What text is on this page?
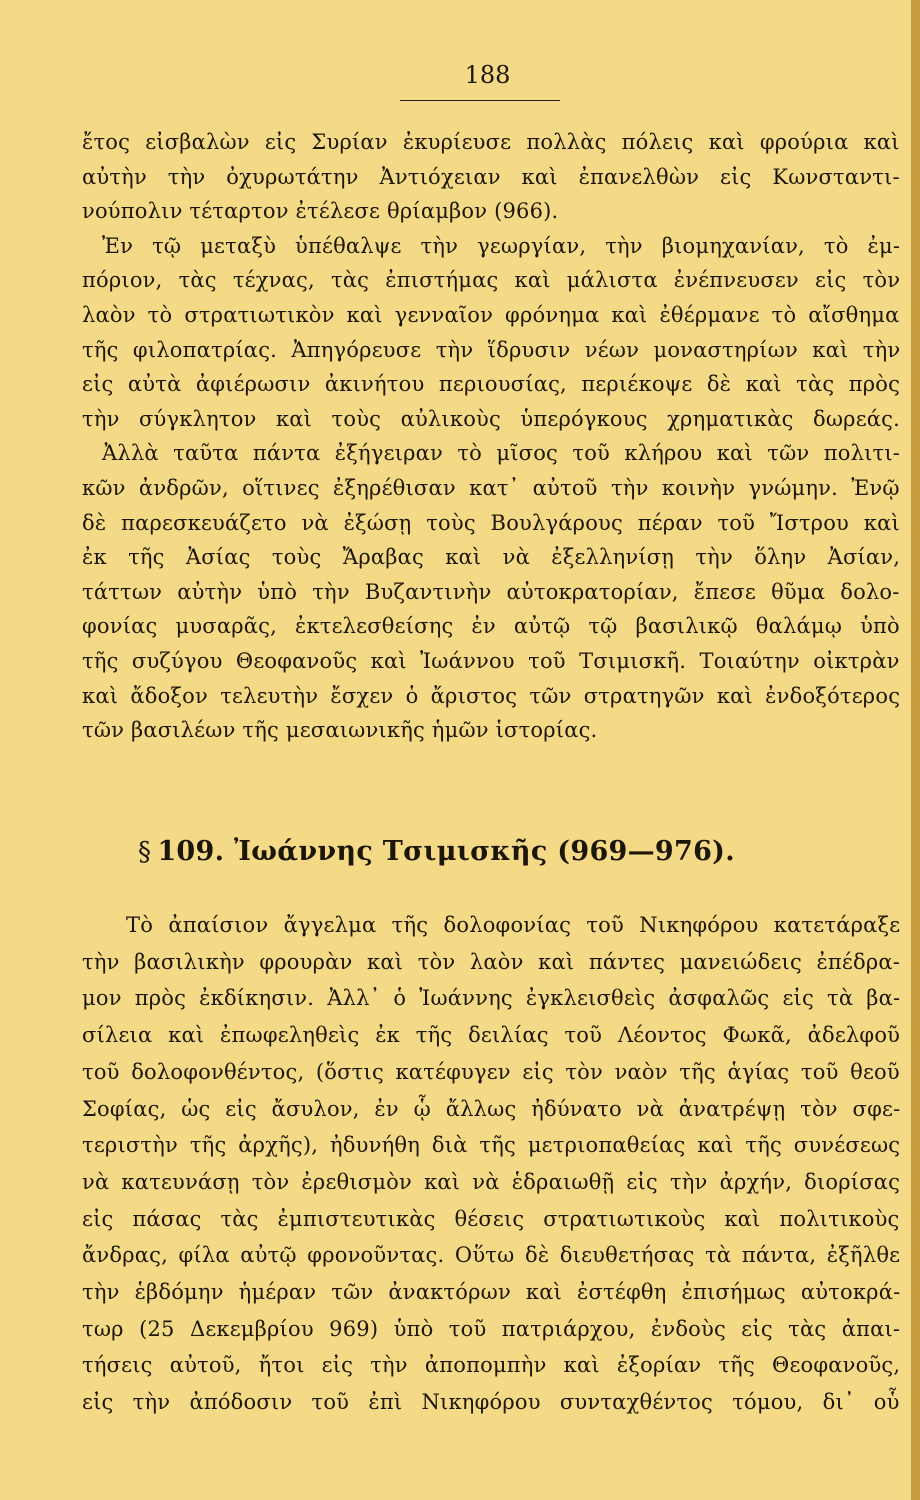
188
ἔτος εἰσβαλὼν εἰς Συρίαν ἐκυρίευσε πολλὰς πόλεις καὶ φρούρια καὶ
αὐτὴν τὴν ὀχυρωτάτην Ἀντιόχειαν καὶ ἐπανελθὼν εἰς Κωνσταντι-
νούπολιν τέταρτον ἐτέλεσε θρίαμβον (966).
Ἐν τῷ μεταξὺ ὑπέθαλψε τὴν γεωργίαν, τὴν βιομηχανίαν, τὸ ἐμ-
πόριον, τὰς τέχνας, τὰς ἐπιστήμας καὶ μάλιστα ἐνέπνευσεν εἰς τὸν
λαὸν τὸ στρατιωτικὸν καὶ γενναῖον φρόνημα καὶ ἐθέρμανε τὸ αἴσθημα
τῆς φιλοπατρίας. Ἀπηγόρευσε τὴν ἵδρυσιν νέων μοναστηρίων καὶ τὴν
εἰς αὐτὰ ἀφιέρωσιν ἀκινήτου περιουσίας, περιέκοψε δὲ καὶ τὰς πρὸς
τὴν σύγκλητον καὶ τοὺς αὐλικοὺς ὑπερόγκους χρηματικὰς δωρεάς.
Ἀλλὰ ταῦτα πάντα ἐξήγειραν τὸ μῖσος τοῦ κλήρου καὶ τῶν πολιτι-
κῶν ἀνδρῶν, οἵτινες ἐξηρέθισαν κατ᾽ αὐτοῦ τὴν κοινὴν γνώμην. Ἐνῷ
δὲ παρεσκευάζετο νὰ ἐξώσῃ τοὺς Βουλγάρους πέραν τοῦ Ἴστρου καὶ
ἐκ τῆς Ἀσίας τοὺς Ἄραβας καὶ νὰ ἐξελληνίσῃ τὴν ὅλην Ἀσίαν,
τάττων αὐτὴν ὑπὸ τὴν Βυζαντινὴν αὐτοκρατορίαν, ἔπεσε θῦμα δολο-
φονίας μυσαρᾶς, ἐκτελεσθείσης ἐν αὐτῷ τῷ βασιλικῷ θαλάμῳ ὑπὸ
τῆς συζύγου Θεοφανοῦς καὶ Ἰωάννου τοῦ Τσιμισκῆ. Τοιαύτην οἰκτρὰν
καὶ ἄδοξον τελευτὴν ἔσχεν ὁ ἄριστος τῶν στρατηγῶν καὶ ἐνδοξότερος
τῶν βασιλέων τῆς μεσαιωνικῆς ἡμῶν ἱστορίας.
§ 109. Ἰωάννης Τσιμισκῆς (969—976).
Τὸ ἀπαίσιον ἄγγελμα τῆς δολοφονίας τοῦ Νικηφόρου κατετάραξε
τὴν βασιλικὴν φρουρὰν καὶ τὸν λαὸν καὶ πάντες μανειώδεις ἐπέδρα-
μον πρὸς ἐκδίκησιν. Ἀλλ᾽ ὁ Ἰωάννης ἐγκλεισθεὶς ἀσφαλῶς εἰς τὰ βα-
σίλεια καὶ ἐπωφεληθεὶς ἐκ τῆς δειλίας τοῦ Λέοντος Φωκᾶ, ἀδελφοῦ
τοῦ δολοφονθέντος, (ὅστις κατέφυγεν εἰς τὸν ναὸν τῆς ἁγίας τοῦ θεοῦ
Σοφίας, ὡς εἰς ἄσυλον, ἐν ᾧ ἄλλως ἠδύνατο νὰ ἀνατρέψῃ τὸν σφε-
τεριστὴν τῆς ἀρχῆς), ἠδυνήθη διὰ τῆς μετριοπαθείας καὶ τῆς συνέσεως
νὰ κατευνάσῃ τὸν ἐρεθισμὸν καὶ νὰ ἑδραιωθῇ εἰς τὴν ἀρχήν, διορίσας
εἰς πάσας τὰς ἐμπιστευτικὰς θέσεις στρατιωτικοὺς καὶ πολιτικοὺς
ἄνδρας, φίλα αὐτῷ φρονοῦντας. Οὕτω δὲ διευθετήσας τὰ πάντα, ἐξῆλθε
τὴν ἑβδόμην ἡμέραν τῶν ἀνακτόρων καὶ ἐστέφθη ἐπισήμως αὐτοκρά-
τωρ (25 Δεκεμβρίου 969) ὑπὸ τοῦ πατριάρχου, ἐνδοὺς εἰς τὰς ἀπαι-
τήσεις αὐτοῦ, ἤτοι εἰς τὴν ἀποπομπὴν καὶ ἐξορίαν τῆς Θεοφανοῦς,
εἰς τὴν ἀπόδοσιν τοῦ ἐπὶ Νικηφόρου συνταχθέντος τόμου, δι᾽ οὗ
